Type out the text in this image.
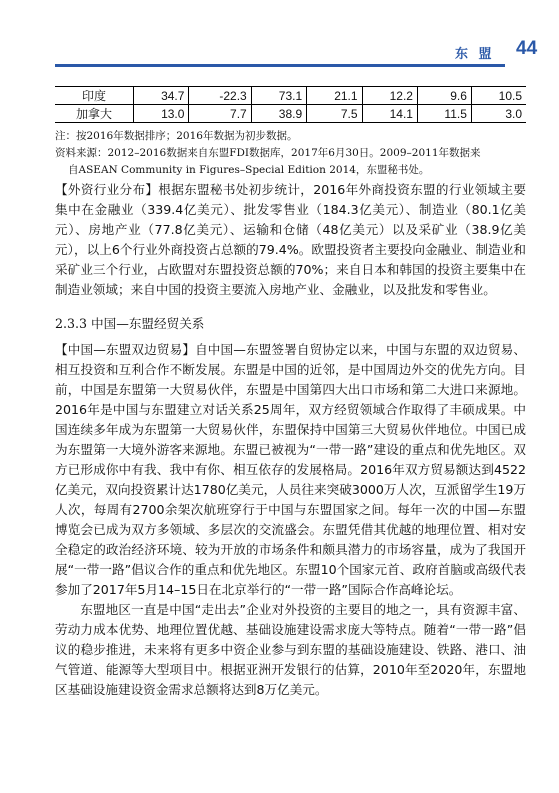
东 盟 44
印度	34.7	-22.3	73.1	21.1	12.2	9.6	10.5
加拿大	13.0	7.7	38.9	7.5	14.1	11.5	3.0

注：按2016年数据排序；2016年数据为初步数据。

资料来源：2012–2016数据来自东盟FDI数据库，2017年6月30日。2009–2011年数据来

自ASEAN Community in Figures–Special Edition 2014，东盟秘书处。

【外资行业分布】根据东盟秘书处初步统计，2016年外商投资东盟的行业领域主要集中在金融业（339.4亿美元）、批发零售业（184.3亿美元）、制造业（80.1亿美元）、房地产业（77.8亿美元）、运输和仓储（48亿美元）以及采矿业（38.9亿美元），以上6个行业外商投资占总额的79.4%。欧盟投资者主要投向金融业、制造业和采矿业三个行业，占欧盟对东盟投资总额的70%；来自日本和韩国的投资主要集中在制造业领域；来自中国的投资主要流入房地产业、金融业，以及批发和零售业。

2.3.3 中国—东盟经贸关系

【中国—东盟双边贸易】自中国—东盟签署自贸协定以来，中国与东盟的双边贸易、相互投资和互利合作不断发展。东盟是中国的近邻，是中国周边外交的优先方向。目前，中国是东盟第一大贸易伙伴，东盟是中国第四大出口市场和第二大进口来源地。2016年是中国与东盟建立对话关系25周年，双方经贸领域合作取得了丰硕成果。中国连续多年成为东盟第一大贸易伙伴，东盟保持中国第三大贸易伙伴地位。中国已成为东盟第一大境外游客来源地。东盟已被视为“一带一路”建设的重点和优先地区。双方已形成你中有我、我中有你、相互依存的发展格局。2016年双方贸易额达到4522亿美元，双向投资累计达1780亿美元，人员往来突破3000万人次，互派留学生19万人次，每周有2700余架次航班穿行于中国与东盟国家之间。每年一次的中国—东盟博览会已成为双方多领域、多层次的交流盛会。东盟凭借其优越的地理位置、相对安全稳定的政治经济环境、较为开放的市场条件和颇具潜力的市场容量，成为了我国开展“一带一路”倡议合作的重点和优先地区。东盟10个国家元首、政府首脑或高级代表参加了2017年5月14–15日在北京举行的“一带一路”国际合作高峰论坛。

东盟地区一直是中国“走出去”企业对外投资的主要目的地之一，具有资源丰富、劳动力成本优势、地理位置优越、基础设施建设需求庞大等特点。随着“一带一路”倡议的稳步推进，未来将有更多中资企业参与到东盟的基础设施建设、铁路、港口、油气管道、能源等大型项目中。根据亚洲开发银行的估算，2010年至2020年，东盟地区基础设施建设资金需求总额将达到8万亿美元。
